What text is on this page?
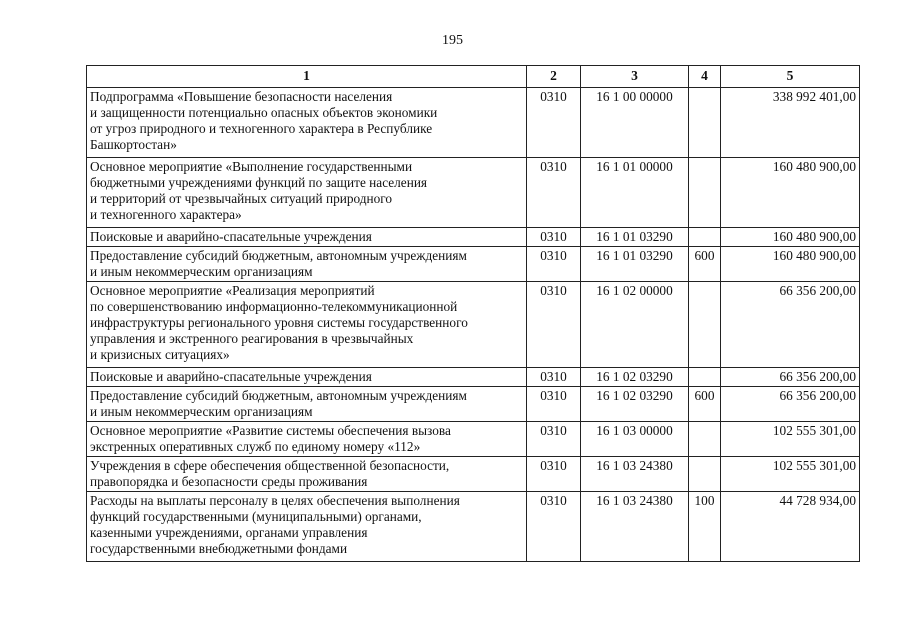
195
1	2	3	4	5
Подпрограмма «Повышение безопасности населения
и защищенности потенциально опасных объектов экономики
от угроз природного и техногенного характера в Республике
Башкортостан»	0310	16 1 00 00000		338 992 401,00
Основное мероприятие «Выполнение государственными
бюджетными учреждениями функций по защите населения
и территорий от чрезвычайных ситуаций природного
и техногенного характера»	0310	16 1 01 00000		160 480 900,00
Поисковые и аварийно-спасательные учреждения	0310	16 1 01 03290		160 480 900,00
Предоставление субсидий бюджетным, автономным учреждениям
и иным некоммерческим организациям	0310	16 1 01 03290	600	160 480 900,00
Основное мероприятие «Реализация мероприятий
по совершенствованию информационно-телекоммуникационной
инфраструктуры регионального уровня системы государственного
управления и экстренного реагирования в чрезвычайных
и кризисных ситуациях»	0310	16 1 02 00000		66 356 200,00
Поисковые и аварийно-спасательные учреждения	0310	16 1 02 03290		66 356 200,00
Предоставление субсидий бюджетным, автономным учреждениям
и иным некоммерческим организациям	0310	16 1 02 03290	600	66 356 200,00
Основное мероприятие «Развитие системы обеспечения вызова
экстренных оперативных служб по единому номеру «112»	0310	16 1 03 00000		102 555 301,00
Учреждения в сфере обеспечения общественной безопасности,
правопорядка и безопасности среды проживания	0310	16 1 03 24380		102 555 301,00
Расходы на выплаты персоналу в целях обеспечения выполнения
функций государственными (муниципальными) органами,
казенными учреждениями, органами управления
государственными внебюджетными фондами	0310	16 1 03 24380	100	44 728 934,00
